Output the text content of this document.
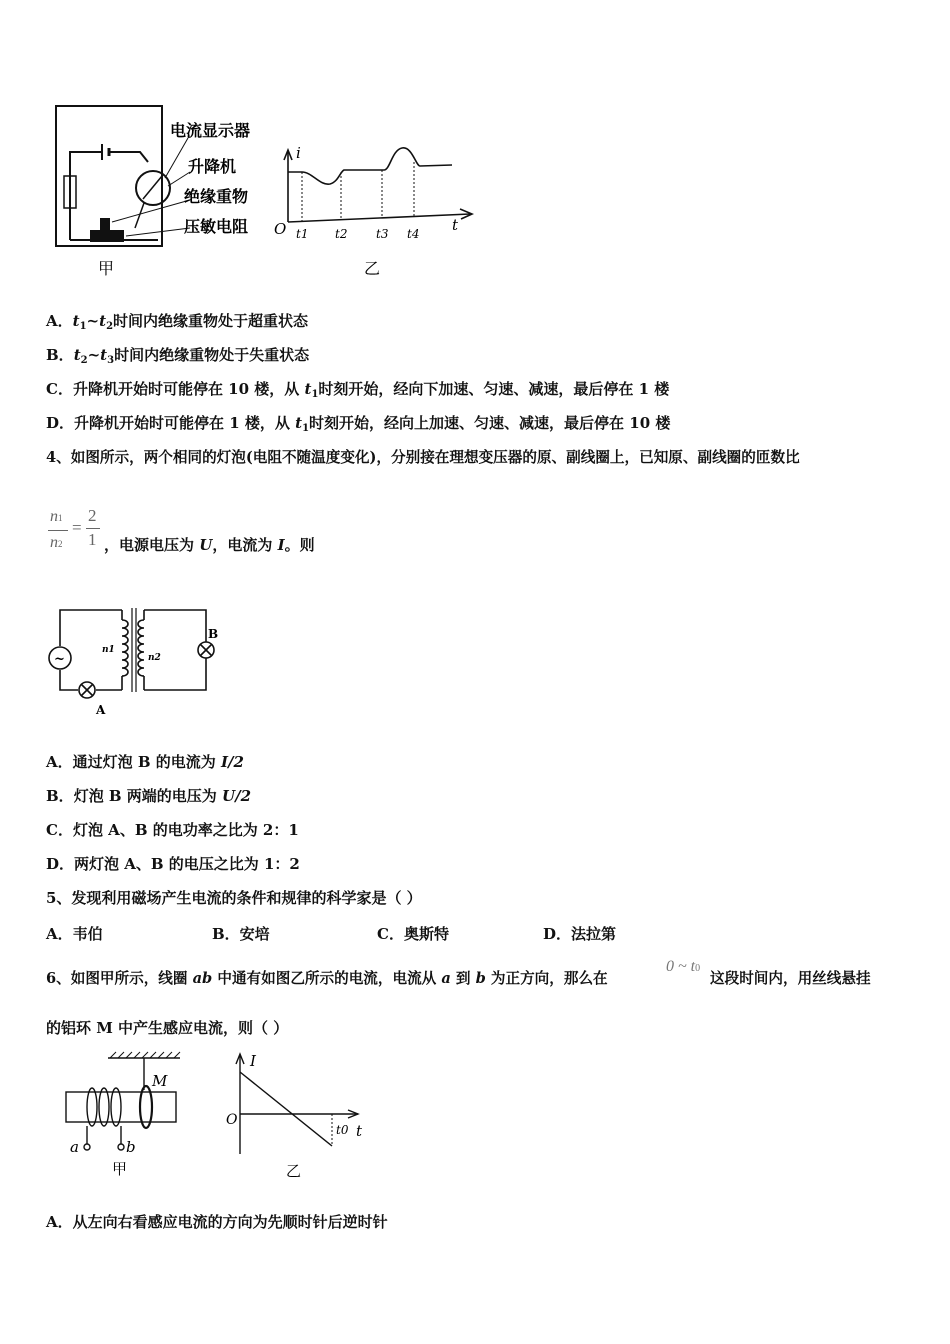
电流显示器
升降机
绝缘重物
压敏电阻
甲
i
t
O t1 t2 t3 t4
乙
A．$t_1\sim t_2$时间内绝缘重物处于超重状态
B．$t_2\sim t_3$时间内绝缘重物处于失重状态
C．升降机开始时可能停在 10 楼，从 $t_1$时刻开始，经向下加速、匀速、减速，最后停在 1 楼
D．升降机开始时可能停在 1 楼，从 $t_1$时刻开始，经向上加速、匀速、减速，最后停在 10 楼
4、如图所示，两个相同的灯泡(电阻不随温度变化)，分别接在理想变压器的原、副线圈上，已知原、副线圈的匝数比
n1
n2
=
2
1 ，电源电压为 U，电流为 I。则
~
n1
n2
A
B
A．通过灯泡 B 的电流为 I/2
B．灯泡 B 两端的电压为 U/2
C．灯泡 A、B 的电功率之比为 2：1
D．两灯泡 A、B 的电压之比为 1：2
5、发现利用磁场产生电流的条件和规律的科学家是（ ）
A．韦伯	B．安培	C．奥斯特	D．法拉第
6、如图甲所示，线圈 ab 中通有如图乙所示的电流，电流从 a 到 b 为正方向，那么在
0 ~ t0
这段时间内，用丝线悬挂
的铝环 M 中产生感应电流，则（ ）
M
a	b
甲
I
O
t
t0
乙
A．从左向右看感应电流的方向为先顺时针后逆时针
